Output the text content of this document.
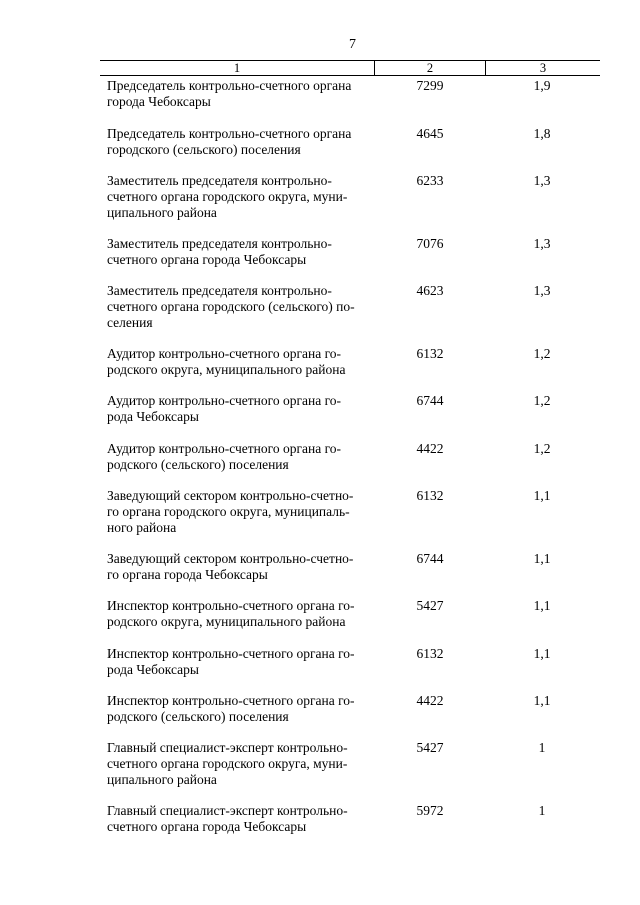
7
1	2	3
Председатель контрольно-счетного органа
города Чебоксары
7299	1,9
Председатель контрольно-счетного органа
городского (сельского) поселения
4645	1,8
Заместитель председателя контрольно-
счетного органа городского округа, муни-
ципального района
6233	1,3
Заместитель председателя контрольно-
счетного органа города Чебоксары
7076	1,3
Заместитель председателя контрольно-
счетного органа городского (сельского) по-
селения
4623	1,3
Аудитор контрольно-счетного органа го-
родского округа, муниципального района
6132	1,2
Аудитор контрольно-счетного органа го-
рода Чебоксары
6744	1,2
Аудитор контрольно-счетного органа го-
родского (сельского) поселения
4422	1,2
Заведующий сектором контрольно-счетно-
го органа городского округа, муниципаль-
ного района
6132	1,1
Заведующий сектором контрольно-счетно-
го органа города Чебоксары
6744	1,1
Инспектор контрольно-счетного органа го-
родского округа, муниципального района
5427	1,1
Инспектор контрольно-счетного органа го-
рода Чебоксары
6132	1,1
Инспектор контрольно-счетного органа го-
родского (сельского) поселения
4422	1,1
Главный специалист-эксперт контрольно-
счетного органа городского округа, муни-
ципального района
5427	1
Главный специалист-эксперт контрольно-
счетного органа города Чебоксары
5972	1
